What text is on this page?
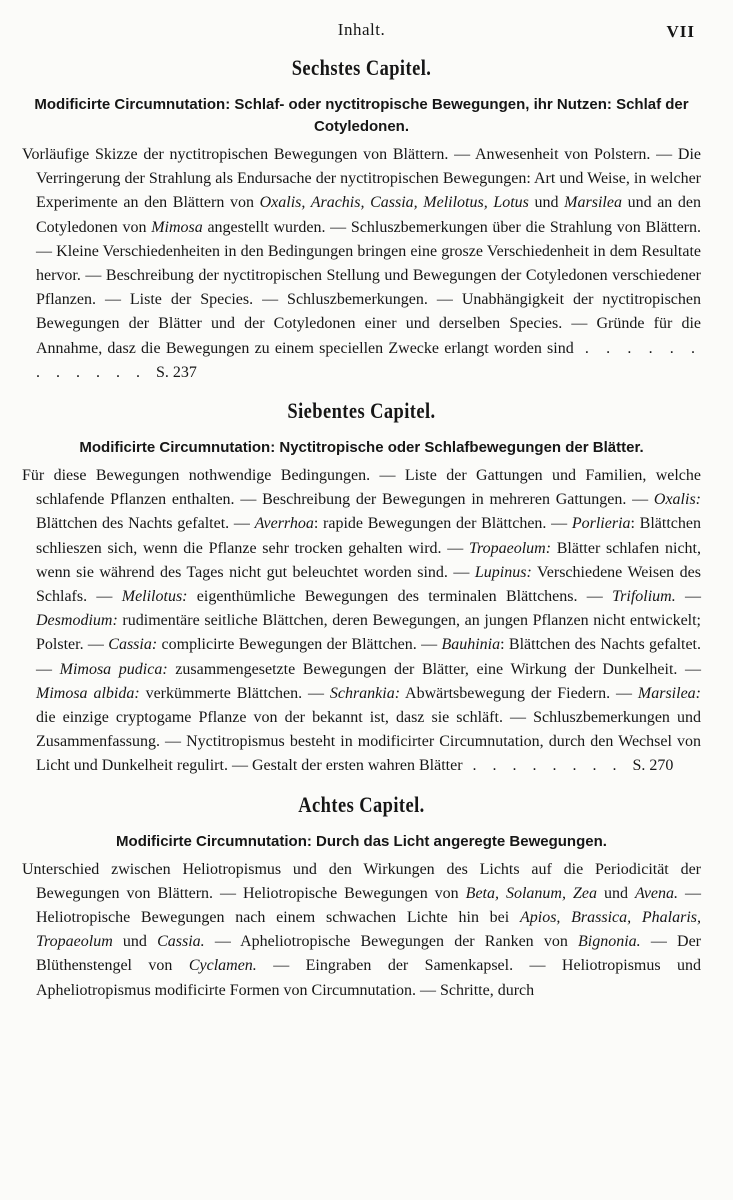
Inhalt.	VII
Sechstes Capitel.
Modificirte Circumnutation: Schlaf- oder nyctitropische Bewegungen, ihr Nutzen: Schlaf der Cotyledonen.

Vorläufige Skizze der nyctitropischen Bewegungen von Blättern. — Anwesenheit von Polstern. — Die Verringerung der Strahlung als Endursache der nyctitropischen Bewegungen: Art und Weise, in welcher Experimente an den Blättern von Oxalis, Arachis, Cassia, Melilotus, Lotus und Marsilea und an den Cotyledonen von Mimosa angestellt wurden. — Schluszbemerkungen über die Strahlung von Blättern. — Kleine Verschiedenheiten in den Bedingungen bringen eine grosze Verschiedenheit in dem Resultate hervor. — Beschreibung der nyctitropischen Stellung und Bewegungen der Cotyledonen verschiedener Pflanzen. — Liste der Species. — Schluszbemerkungen. — Unabhängigkeit der nyctitropischen Bewegungen der Blätter und der Cotyledonen einer und derselben Species. — Gründe für die Annahme, dasz die Bewegungen zu einem speciellen Zwecke erlangt worden sind . . . . . . . . . . . . S. 237

Siebentes Capitel.
Modificirte Circumnutation: Nyctitropische oder Schlafbewegungen der Blätter.

Für diese Bewegungen nothwendige Bedingungen. — Liste der Gattungen und Familien, welche schlafende Pflanzen enthalten. — Beschreibung der Bewegungen in mehreren Gattungen. — Oxalis: Blättchen des Nachts gefaltet. — Averrhoa: rapide Bewegungen der Blättchen. — Porlieria: Blättchen schlieszen sich, wenn die Pflanze sehr trocken gehalten wird. — Tropaeolum: Blätter schlafen nicht, wenn sie während des Tages nicht gut beleuchtet worden sind. — Lupinus: Verschiedene Weisen des Schlafs. — Melilotus: eigenthümliche Bewegungen des terminalen Blättchens. — Trifolium. — Desmodium: rudimentäre seitliche Blättchen, deren Bewegungen, an jungen Pflanzen nicht entwickelt; Polster. — Cassia: complicirte Bewegungen der Blättchen. — Bauhinia: Blättchen des Nachts gefaltet. — Mimosa pudica: zusammengesetzte Bewegungen der Blätter, eine Wirkung der Dunkelheit. — Mimosa albida: verkümmerte Blättchen. — Schrankia: Abwärtsbewegung der Fiedern. — Marsilea: die einzige cryptogame Pflanze von der bekannt ist, dasz sie schläft. — Schluszbemerkungen und Zusammenfassung. — Nyctitropismus besteht in modificirter Circumnutation, durch den Wechsel von Licht und Dunkelheit regulirt. — Gestalt der ersten wahren Blätter . . . . . . . . S. 270

Achtes Capitel.
Modificirte Circumnutation: Durch das Licht angeregte Bewegungen.

Unterschied zwischen Heliotropismus und den Wirkungen des Lichts auf die Periodicität der Bewegungen von Blättern. — Heliotropische Bewegungen von Beta, Solanum, Zea und Avena. — Heliotropische Bewegungen nach einem schwachen Lichte hin bei Apios, Brassica, Phalaris, Tropaeolum und Cassia. — Apheliotropische Bewegungen der Ranken von Bignonia. — Der Blüthenstengel von Cyclamen. — Eingraben der Samenkapsel. — Heliotropismus und Apheliotropismus modificirte Formen von Circumnutation. — Schritte, durch
